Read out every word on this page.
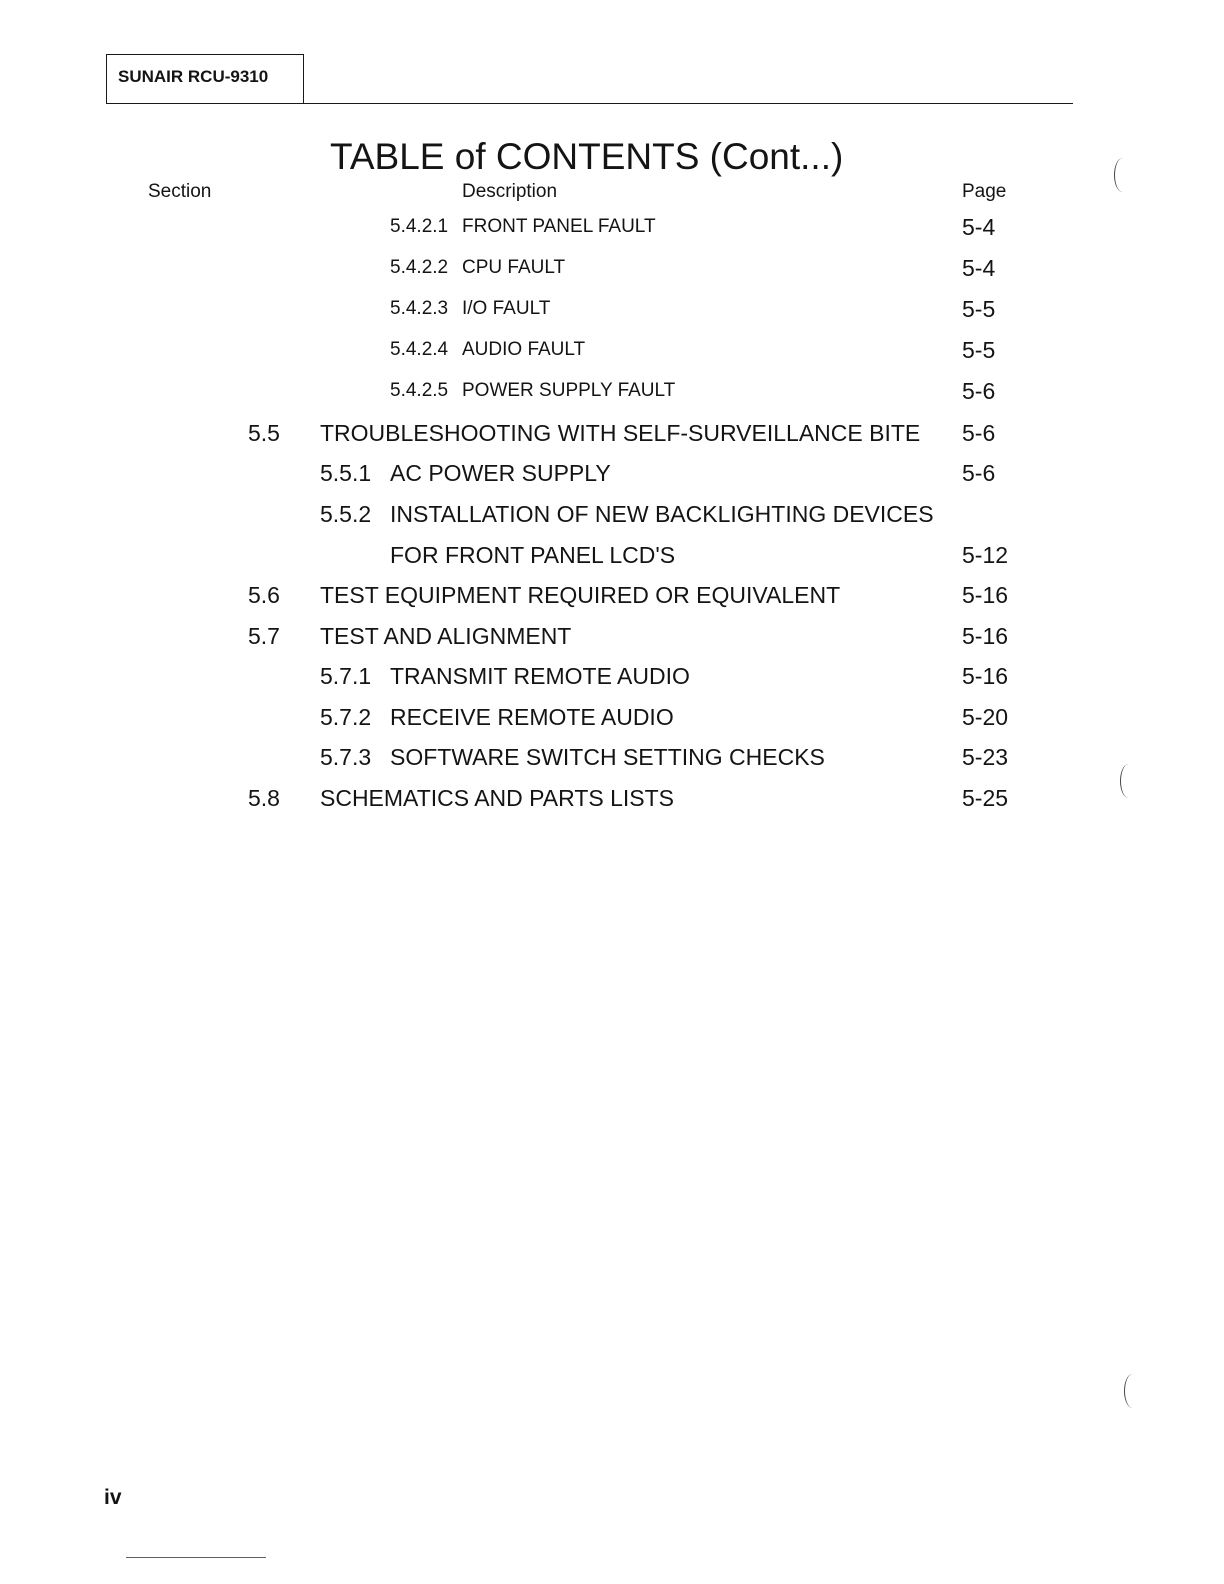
SUNAIR RCU-9310
TABLE of CONTENTS (Cont...)
Section	Description	Page
5.4.2.1 FRONT PANEL FAULT	5-4
5.4.2.2 CPU FAULT	5-4
5.4.2.3 I/O FAULT	5-5
5.4.2.4 AUDIO FAULT	5-5
5.4.2.5 POWER SUPPLY FAULT	5-6
5.5 TROUBLESHOOTING WITH SELF-SURVEILLANCE BITE 5-6
5.5.1 AC POWER SUPPLY	5-6
5.5.2 INSTALLATION OF NEW BACKLIGHTING DEVICES
FOR FRONT PANEL LCD'S	5-12
5.6 TEST EQUIPMENT REQUIRED OR EQUIVALENT	5-16
5.7 TEST AND ALIGNMENT	5-16
5.7.1 TRANSMIT REMOTE AUDIO	5-16
5.7.2 RECEIVE REMOTE AUDIO	5-20
5.7.3 SOFTWARE SWITCH SETTING CHECKS	5-23
5.8 SCHEMATICS AND PARTS LISTS	5-25
iv
